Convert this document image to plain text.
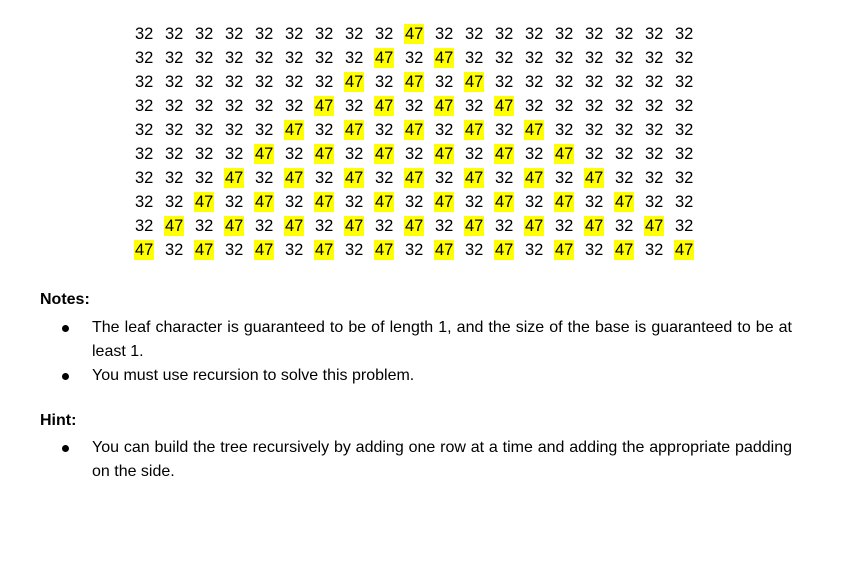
32 32 32 32 32 32 32 32 32 47 32 32 32 32 32 32 32 32 32
32 32 32 32 32 32 32 32 47 32 47 32 32 32 32 32 32 32 32
32 32 32 32 32 32 32 47 32 47 32 47 32 32 32 32 32 32 32
32 32 32 32 32 32 47 32 47 32 47 32 47 32 32 32 32 32 32
32 32 32 32 32 47 32 47 32 47 32 47 32 47 32 32 32 32 32
32 32 32 32 47 32 47 32 47 32 47 32 47 32 47 32 32 32 32
32 32 32 47 32 47 32 47 32 47 32 47 32 47 32 47 32 32 32
32 32 47 32 47 32 47 32 47 32 47 32 47 32 47 32 47 32 32
32 47 32 47 32 47 32 47 32 47 32 47 32 47 32 47 32 47 32
47 32 47 32 47 32 47 32 47 32 47 32 47 32 47 32 47 32 47

Notes:

The leaf character is guaranteed to be of length 1, and the size of the base is guaranteed to be at least 1.
You must use recursion to solve this problem.

Hint:

You can build the tree recursively by adding one row at a time and adding the appropriate padding on the side.
